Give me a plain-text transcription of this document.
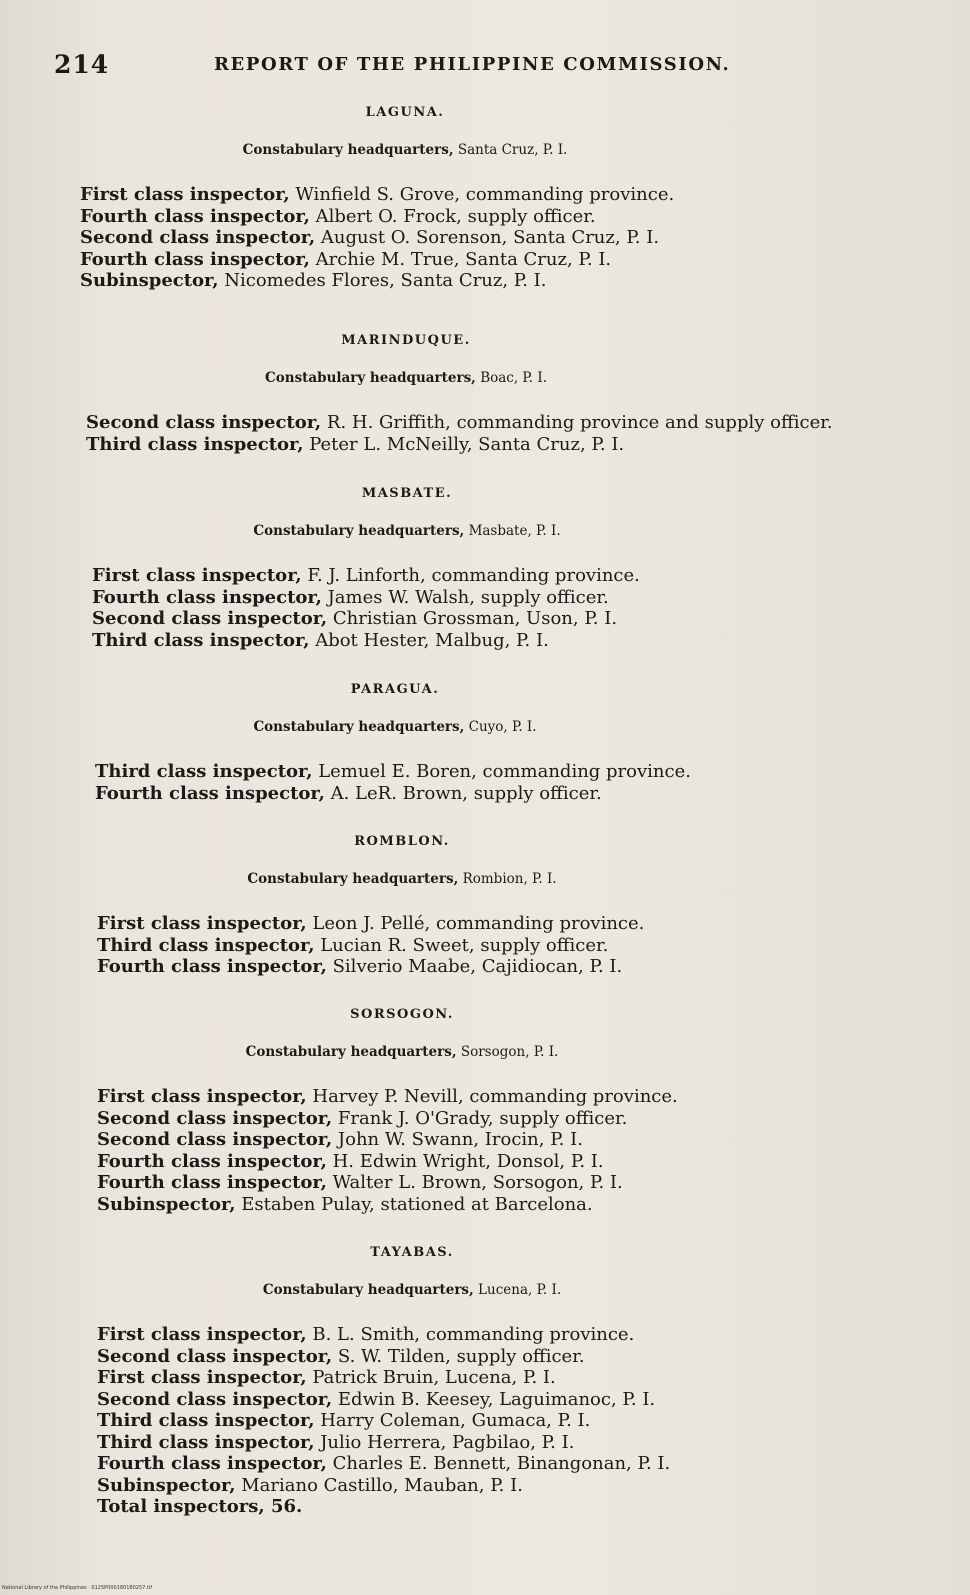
214	REPORT OF THE PHILIPPINE COMMISSION.
LAGUNA.
Constabulary headquarters, Santa Cruz, P. I.
First class inspector, Winfield S. Grove, commanding province.
Fourth class inspector, Albert O. Frock, supply officer.
Second class inspector, August O. Sorenson, Santa Cruz, P. I.
Fourth class inspector, Archie M. True, Santa Cruz, P. I.
Subinspector, Nicomedes Flores, Santa Cruz, P. I.
MARINDUQUE.
Constabulary headquarters, Boac, P. I.
Second class inspector, R. H. Griffith, commanding province and supply officer.
Third class inspector, Peter L. McNeilly, Santa Cruz, P. I.
MASBATE.
Constabulary headquarters, Masbate, P. I.
First class inspector, F. J. Linforth, commanding province.
Fourth class inspector, James W. Walsh, supply officer.
Second class inspector, Christian Grossman, Uson, P. I.
Third class inspector, Abot Hester, Malbug, P. I.
PARAGUA.
Constabulary headquarters, Cuyo, P. I.
Third class inspector, Lemuel E. Boren, commanding province.
Fourth class inspector, A. LeR. Brown, supply officer.
ROMBLON.
Constabulary headquarters, Rombion, P. I.
First class inspector, Leon J. Pellé, commanding province.
Third class inspector, Lucian R. Sweet, supply officer.
Fourth class inspector, Silverio Maabe, Cajidiocan, P. I.
SORSOGON.
Constabulary headquarters, Sorsogon, P. I.
First class inspector, Harvey P. Nevill, commanding province.
Second class inspector, Frank J. O'Grady, supply officer.
Second class inspector, John W. Swann, Irocin, P. I.
Fourth class inspector, H. Edwin Wright, Donsol, P. I.
Fourth class inspector, Walter L. Brown, Sorsogon, P. I.
Subinspector, Estaben Pulay, stationed at Barcelona.
TAYABAS.
Constabulary headquarters, Lucena, P. I.
First class inspector, B. L. Smith, commanding province.
Second class inspector, S. W. Tilden, supply officer.
First class inspector, Patrick Bruin, Lucena, P. I.
Second class inspector, Edwin B. Keesey, Laguimanoc, P. I.
Third class inspector, Harry Coleman, Gumaca, P. I.
Third class inspector, Julio Herrera, Pagbilao, P. I.
Fourth class inspector, Charles E. Bennett, Binangonan, P. I.
Subinspector, Mariano Castillo, Mauban, P. I.
Total inspectors, 56.
National Library of the Philippines · 0125P000180180257.tif
